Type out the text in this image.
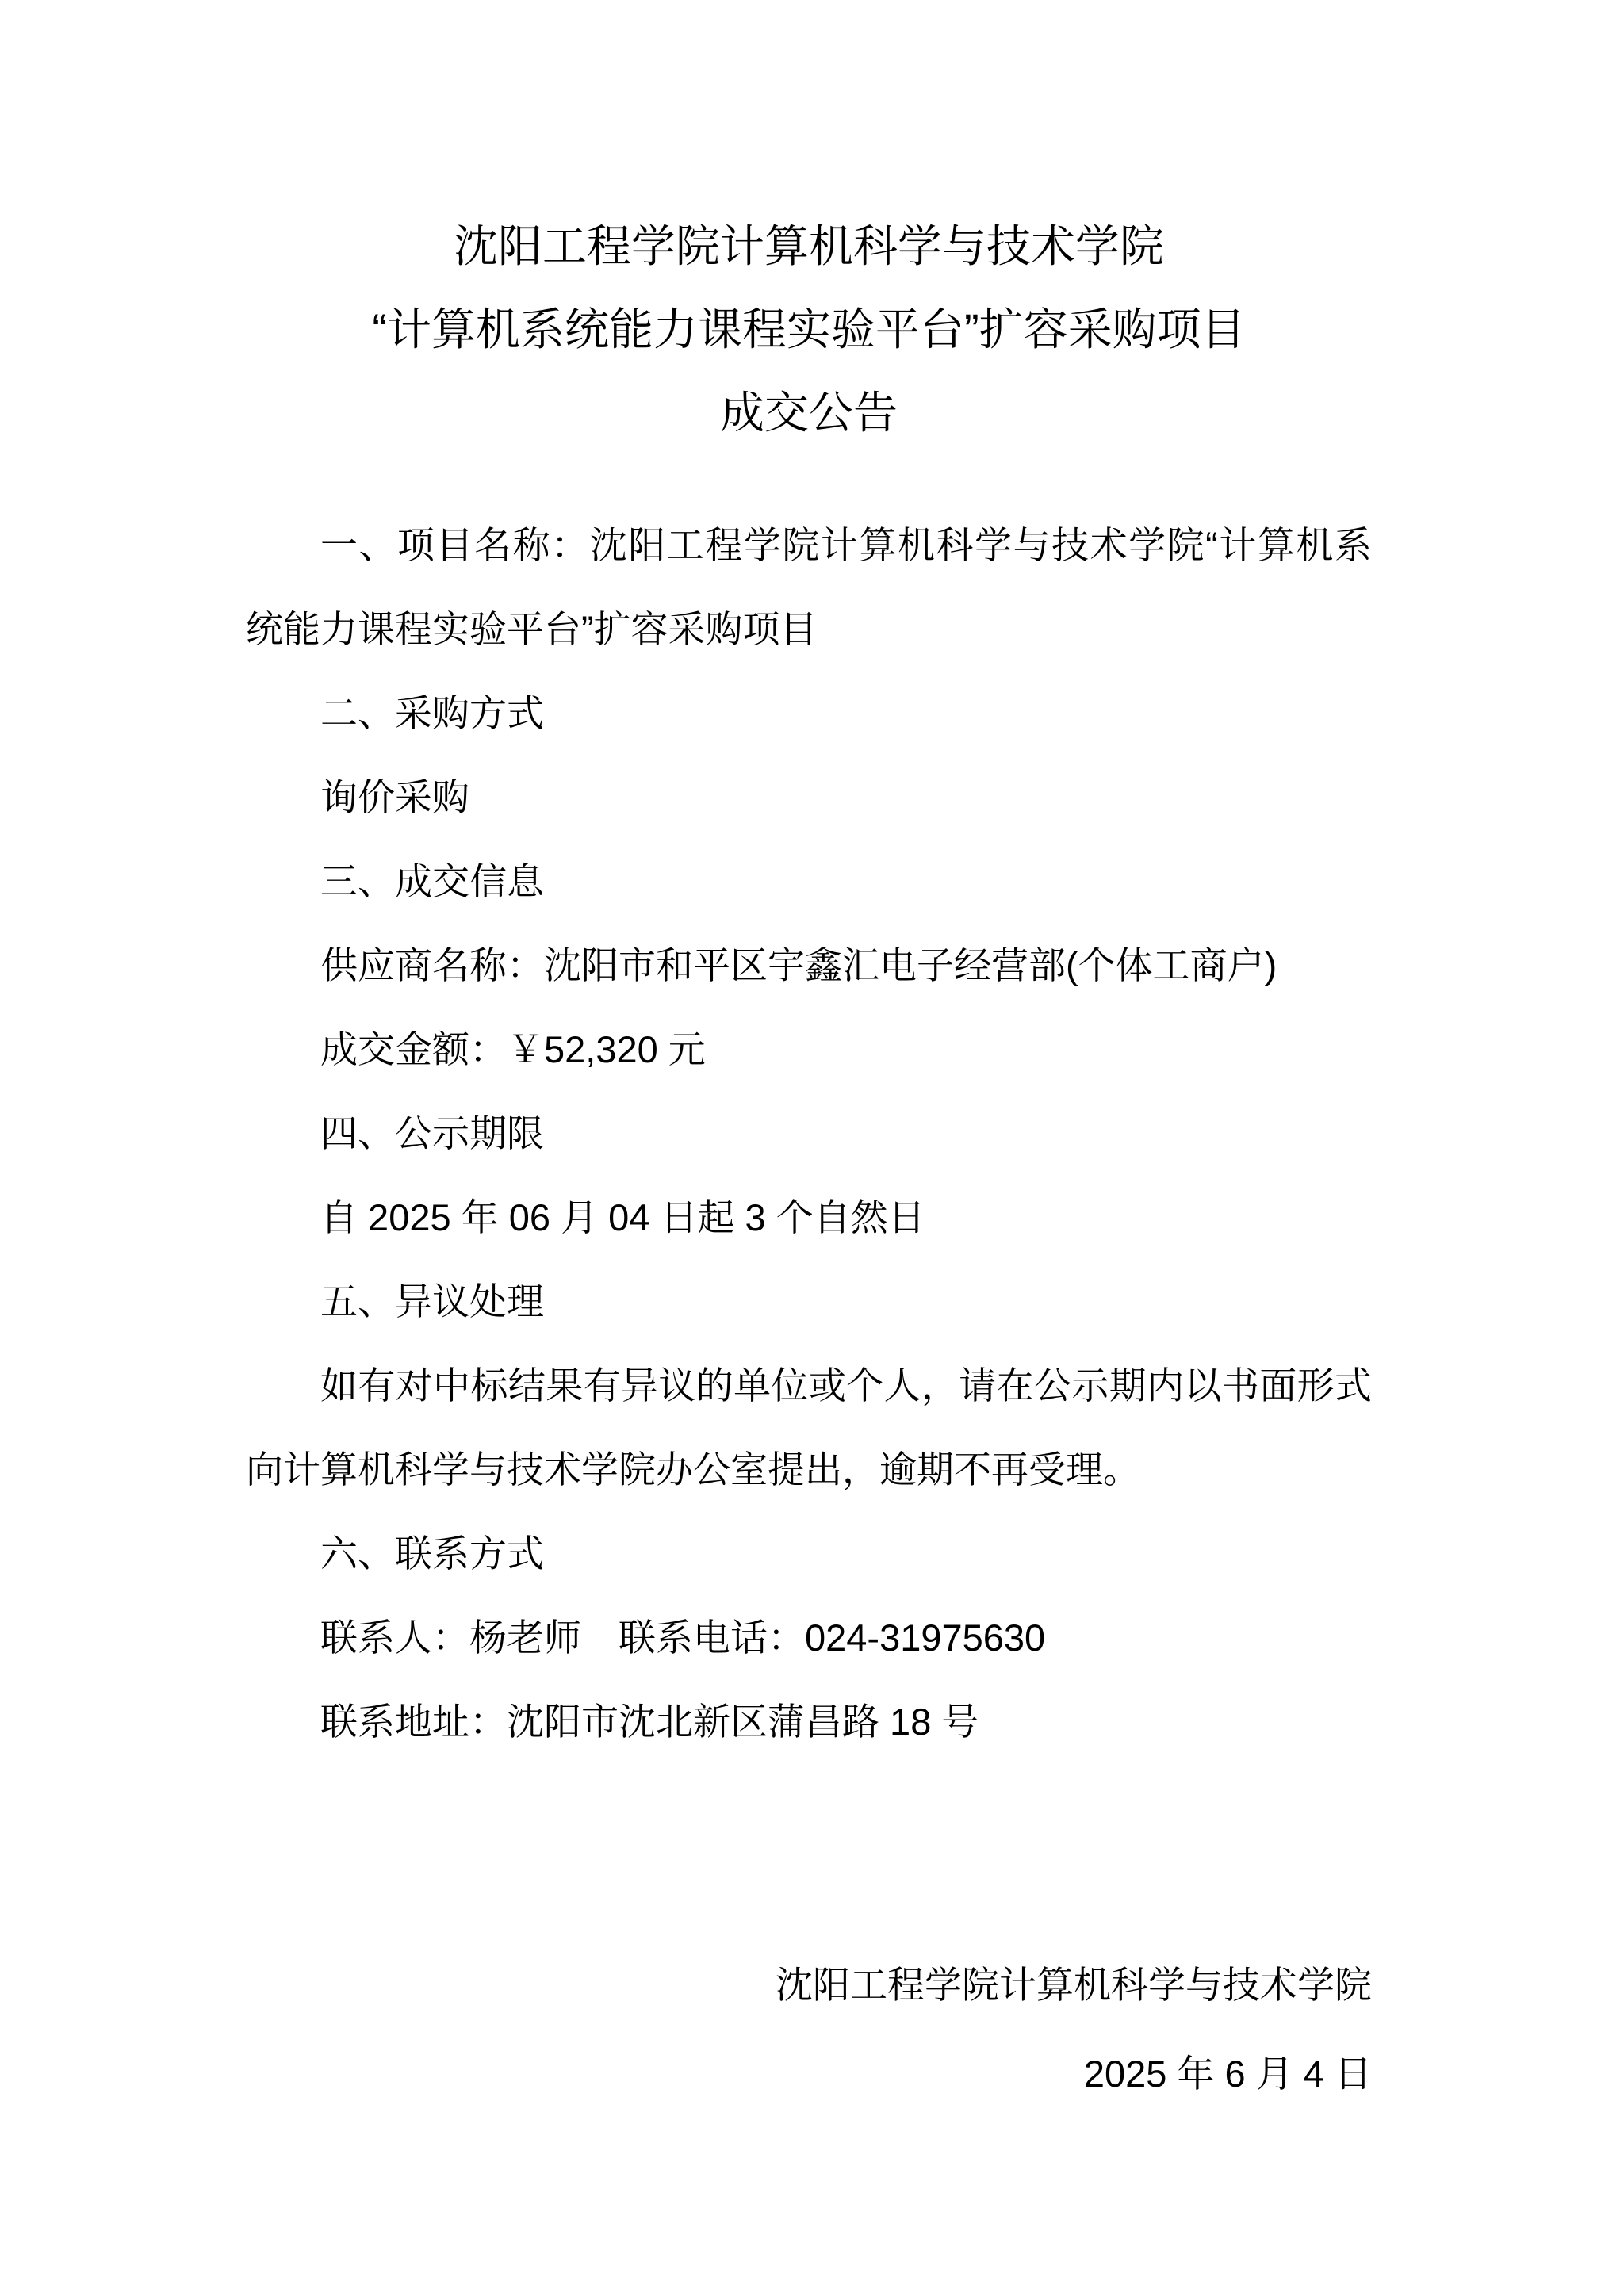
沈阳工程学院计算机科学与技术学院
“计算机系统能力课程实验平台”扩容采购项目
成交公告

一、项目名称：沈阳工程学院计算机科学与技术学院“计算机系统能力课程实验平台”扩容采购项目

二、采购方式

询价采购

三、成交信息

供应商名称：沈阳市和平区宇鑫汇电子经营部(个体工商户)

成交金额：￥52,320 元

四、公示期限

自 2025 年 06 月 04 日起 3 个自然日

五、异议处理

如有对中标结果有异议的单位或个人，请在公示期内以书面形式向计算机科学与技术学院办公室提出，逾期不再受理。

六、联系方式

联系人：杨老师　联系电话：024-31975630

联系地址：沈阳市沈北新区蒲昌路 18 号

沈阳工程学院计算机科学与技术学院
2025 年 6 月 4 日
